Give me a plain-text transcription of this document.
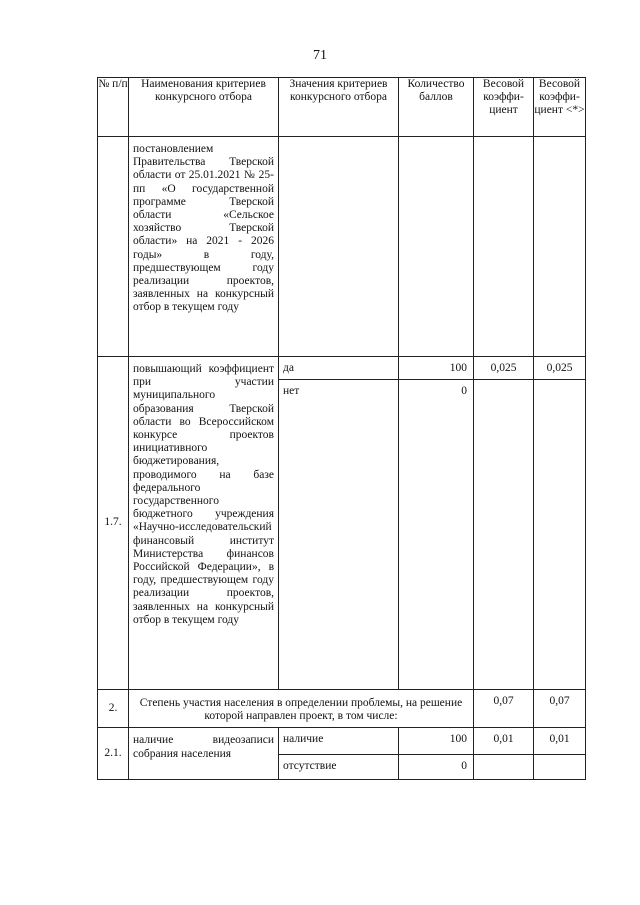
71
№ п/п	Наименования критериев конкурсного отбора	Значения критериев конкурсного отбора	Количество баллов	Весовой коэффи-циент	Весовой коэффи-циент <*>
	постановлением Правительства Тверской области от 25.01.2021 № 25-пп «О государственной программе Тверской области «Сельское хозяйство Тверской области» на 2021 - 2026 годы» в году, предшествующем году реализации проектов, заявленных на конкурсный отбор в текущем году				
1.7.	повышающий коэффициент при участии муниципального образования Тверской области во Всероссийском конкурсе проектов инициативного бюджетирования, проводимого на базе федерального государственного бюджетного учреждения «Научно-исследовательский финансовый институт Министерства финансов Российской Федерации», в году, предшествующем году реализации проектов, заявленных на конкурсный отбор в текущем году	да	100	0,025	0,025
		нет	0		
2.	Степень участия населения в определении проблемы, на решение которой направлен проект, в том числе:			0,07	0,07
2.1.	наличие видеозаписи собрания населения	наличие	100	0,01	0,01
		отсутствие	0		
